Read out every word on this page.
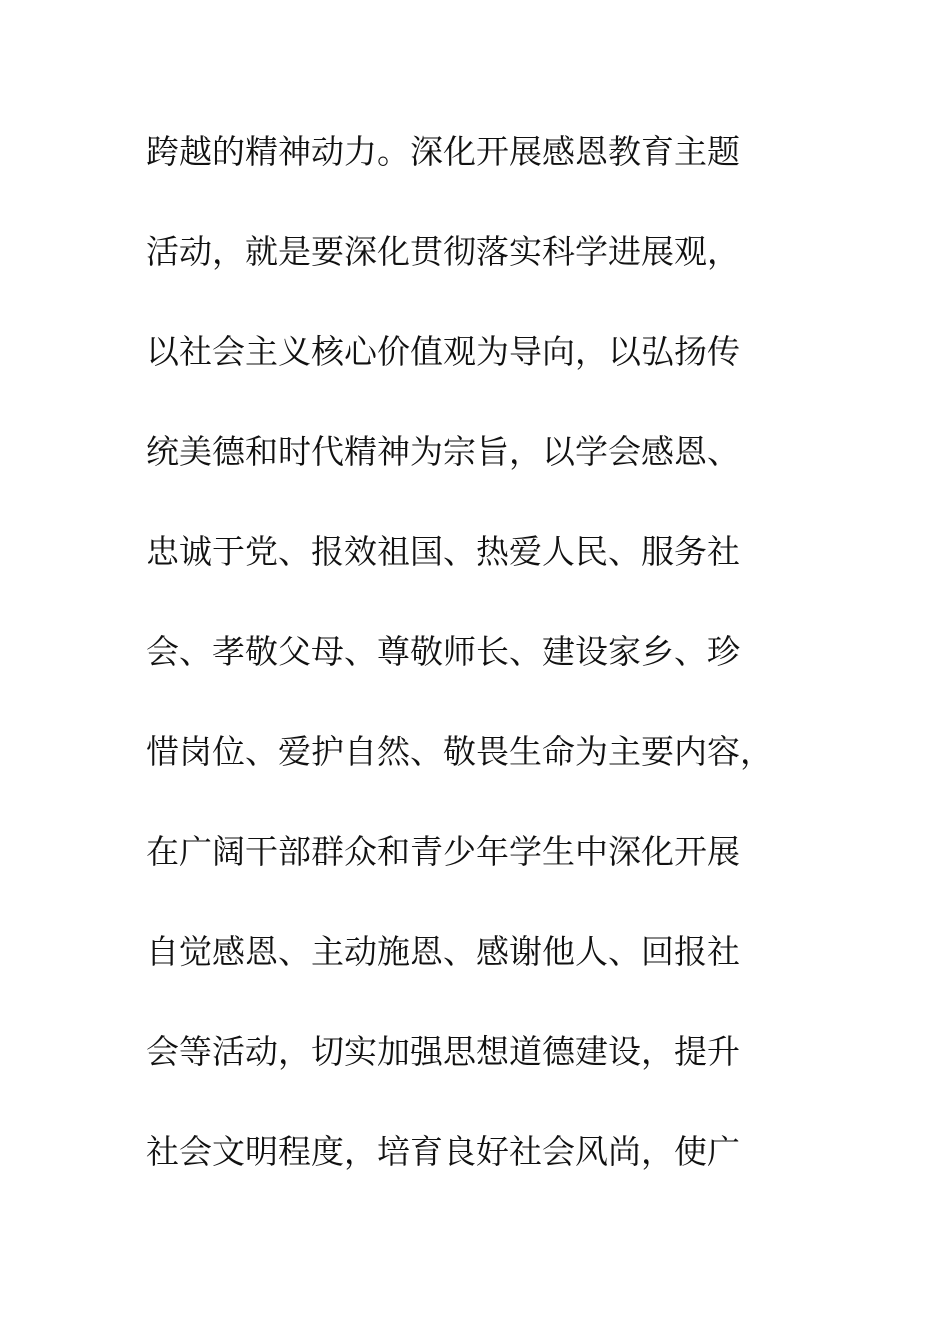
跨越的精神动力。深化开展感恩教育主题
活动，就是要深化贯彻落实科学进展观，
以社会主义核心价值观为导向，以弘扬传
统美德和时代精神为宗旨，以学会感恩、
忠诚于党、报效祖国、热爱人民、服务社
会、孝敬父母、尊敬师长、建设家乡、珍
惜岗位、爱护自然、敬畏生命为主要内容，
在广阔干部群众和青少年学生中深化开展
自觉感恩、主动施恩、感谢他人、回报社
会等活动，切实加强思想道德建设，提升
社会文明程度，培育良好社会风尚，使广
